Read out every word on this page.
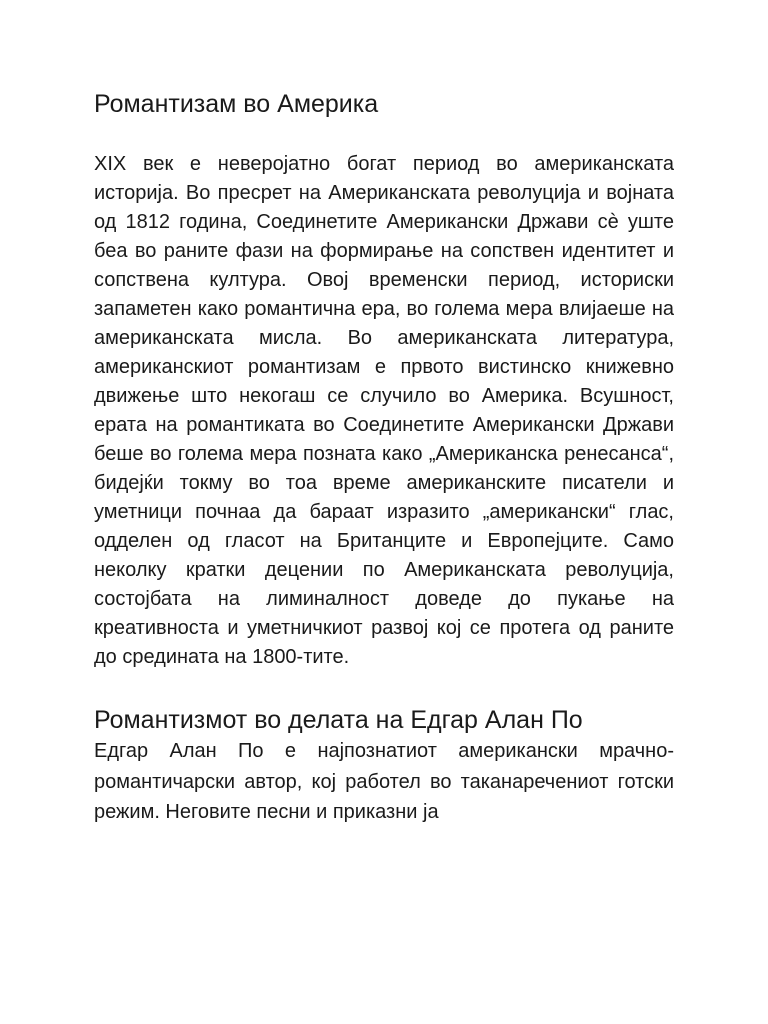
Романтизам во Америка

XIX век е неверојатно богат период во американската историја. Во пресрет на Американската револуција и војната од 1812 година, Соединетите Американски Држави сè уште беа во раните фази на формирање на сопствен идентитет и сопствена култура. Овој временски период, историски запаметен како романтична ера, во голема мера влијаеше на американската мисла. Во американската литература, американскиот романтизам е првото вистинско книжевно движење што некогаш се случило во Америка. Всушност, ерата на романтиката во Соединетите Американски Држави беше во голема мера позната како „Американска ренесанса“, бидејќи токму во тоа време американските писатели и уметници почнаа да бараат изразито „американски“ глас, одделен од гласот на Британците и Европејците. Само неколку кратки децении по Американската револуција, состојбата на лиминалност доведе до пукање на креативноста и уметничкиот развој кој се протега од раните до средината на 1800-тите.

Романтизмот во делата на Едгар Алан По

Едгар Алан По е најпознатиот американски мрачно-романтичарски автор, кој работел во таканаречениот готски режим. Неговите песни и приказни ја
